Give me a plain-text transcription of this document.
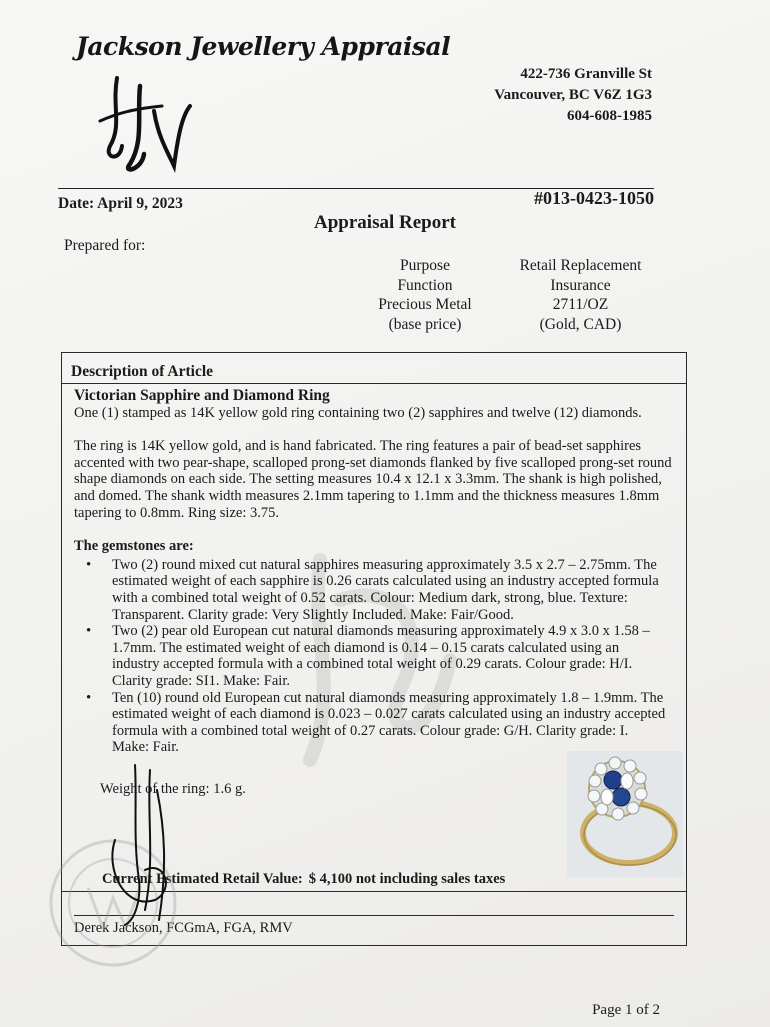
Jackson Jewellery Appraisal
422-736 Granville St
Vancouver, BC V6Z 1G3
604-608-1985
Date: April 9, 2023	#013-0423-1050
Appraisal Report
Prepared for:
Purpose	Retail Replacement
Function	Insurance
Precious Metal	2711/OZ
(base price)	(Gold, CAD)
Description of Article

Victorian Sapphire and Diamond Ring

One (1) stamped as 14K yellow gold ring containing two (2) sapphires and twelve (12) diamonds.

The ring is 14K yellow gold, and is hand fabricated. The ring features a pair of bead-set sapphires accented with two pear-shape, scalloped prong-set diamonds flanked by five scalloped prong-set round shape diamonds on each side. The setting measures 10.4 x 12.1 x 3.3mm. The shank is high polished, and domed. The shank width measures 2.1mm tapering to 1.1mm and the thickness measures 1.8mm tapering to 0.8mm. Ring size: 3.75.

The gemstones are:

• Two (2) round mixed cut natural sapphires measuring approximately 3.5 x 2.7 – 2.75mm. The estimated weight of each sapphire is 0.26 carats calculated using an industry accepted formula with a combined total weight of 0.52 carats. Colour: Medium dark, strong, blue. Texture: Transparent. Clarity grade: Very Slightly Included. Make: Fair/Good.
• Two (2) pear old European cut natural diamonds measuring approximately 4.9 x 3.0 x 1.58 – 1.7mm. The estimated weight of each diamond is 0.14 – 0.15 carats calculated using an industry accepted formula with a combined total weight of 0.29 carats. Colour grade: H/I. Clarity grade: SI1. Make: Fair.
• Ten (10) round old European cut natural diamonds measuring approximately 1.8 – 1.9mm. The estimated weight of each diamond is 0.023 – 0.027 carats calculated using an industry accepted formula with a combined total weight of 0.27 carats. Colour grade: G/H. Clarity grade: I. Make: Fair.
Weight of the ring: 1.6 g.
Current Estimated Retail Value: $ 4,100 not including sales taxes
Derek Jackson, FCGmA, FGA, RMV
Page 1 of 2
